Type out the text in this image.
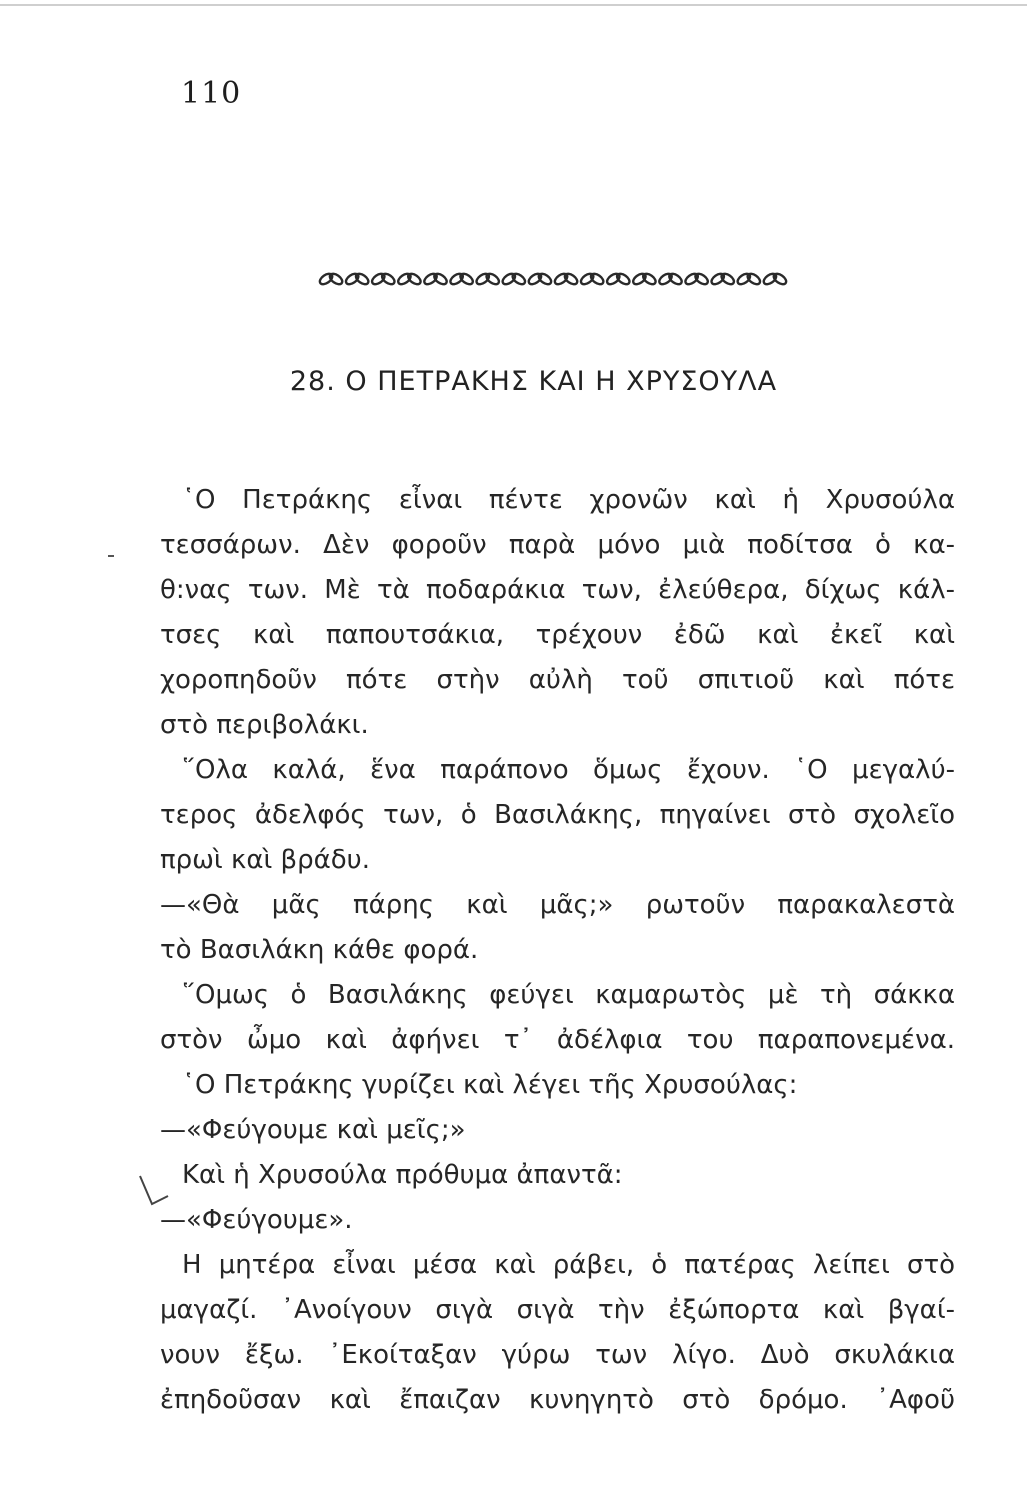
110
28. Ο ΠΕΤΡΑΚΗΣ ΚΑΙ Η ΧΡΥΣΟΥΛΑ
῾Ο Πετράκης εἶναι πέντε χρονῶν καὶ ἡ Χρυσούλα
τεσσάρων. Δὲν φοροῦν παρὰ μόνο μιὰ ποδίτσα ὁ κα-
θ:νας των. Μὲ τὰ ποδαράκια των, ἐλεύθερα, δίχως κάλ-
τσες καὶ παπουτσάκια, τρέχουν ἐδῶ καὶ ἐκεῖ καὶ
χοροπηδοῦν πότε στὴν αὐλὴ τοῦ σπιτιοῦ καὶ πότε
στὸ περιβολάκι.
῞Ολα καλά, ἕνα παράπονο ὅμως ἔχουν. ῾Ο μεγαλύ-
τερος ἀδελφός των, ὁ Βασιλάκης, πηγαίνει στὸ σχολεῖο
πρωὶ καὶ βράδυ.
—«Θὰ μᾶς πάρης καὶ μᾶς;» ρωτοῦν παρακαλεστὰ
τὸ Βασιλάκη κάθε φορά.
῞Ομως ὁ Βασιλάκης φεύγει καμαρωτὸς μὲ τὴ σάκκα
στὸν ὦμο καὶ ἀφήνει τ᾿ ἀδέλφια του παραπονεμένα.
῾Ο Πετράκης γυρίζει καὶ λέγει τῆς Χρυσούλας:
—«Φεύγουμε καὶ μεῖς;»
Καὶ ἡ Χρυσούλα πρόθυμα ἀπαντᾶ:
—«Φεύγουμε».
Η μητέρα εἶναι μέσα καὶ ράβει, ὁ πατέρας λείπει στὸ
μαγαζί. ᾿Ανοίγουν σιγὰ σιγὰ τὴν ἐξώπορτα καὶ βγαί-
νουν ἔξω. ᾿Εκοίταξαν γύρω των λίγο. Δυὸ σκυλάκια
ἐπηδοῦσαν καὶ ἔπαιζαν κυνηγητὸ στὸ δρόμο. ᾿Αφοῦ
